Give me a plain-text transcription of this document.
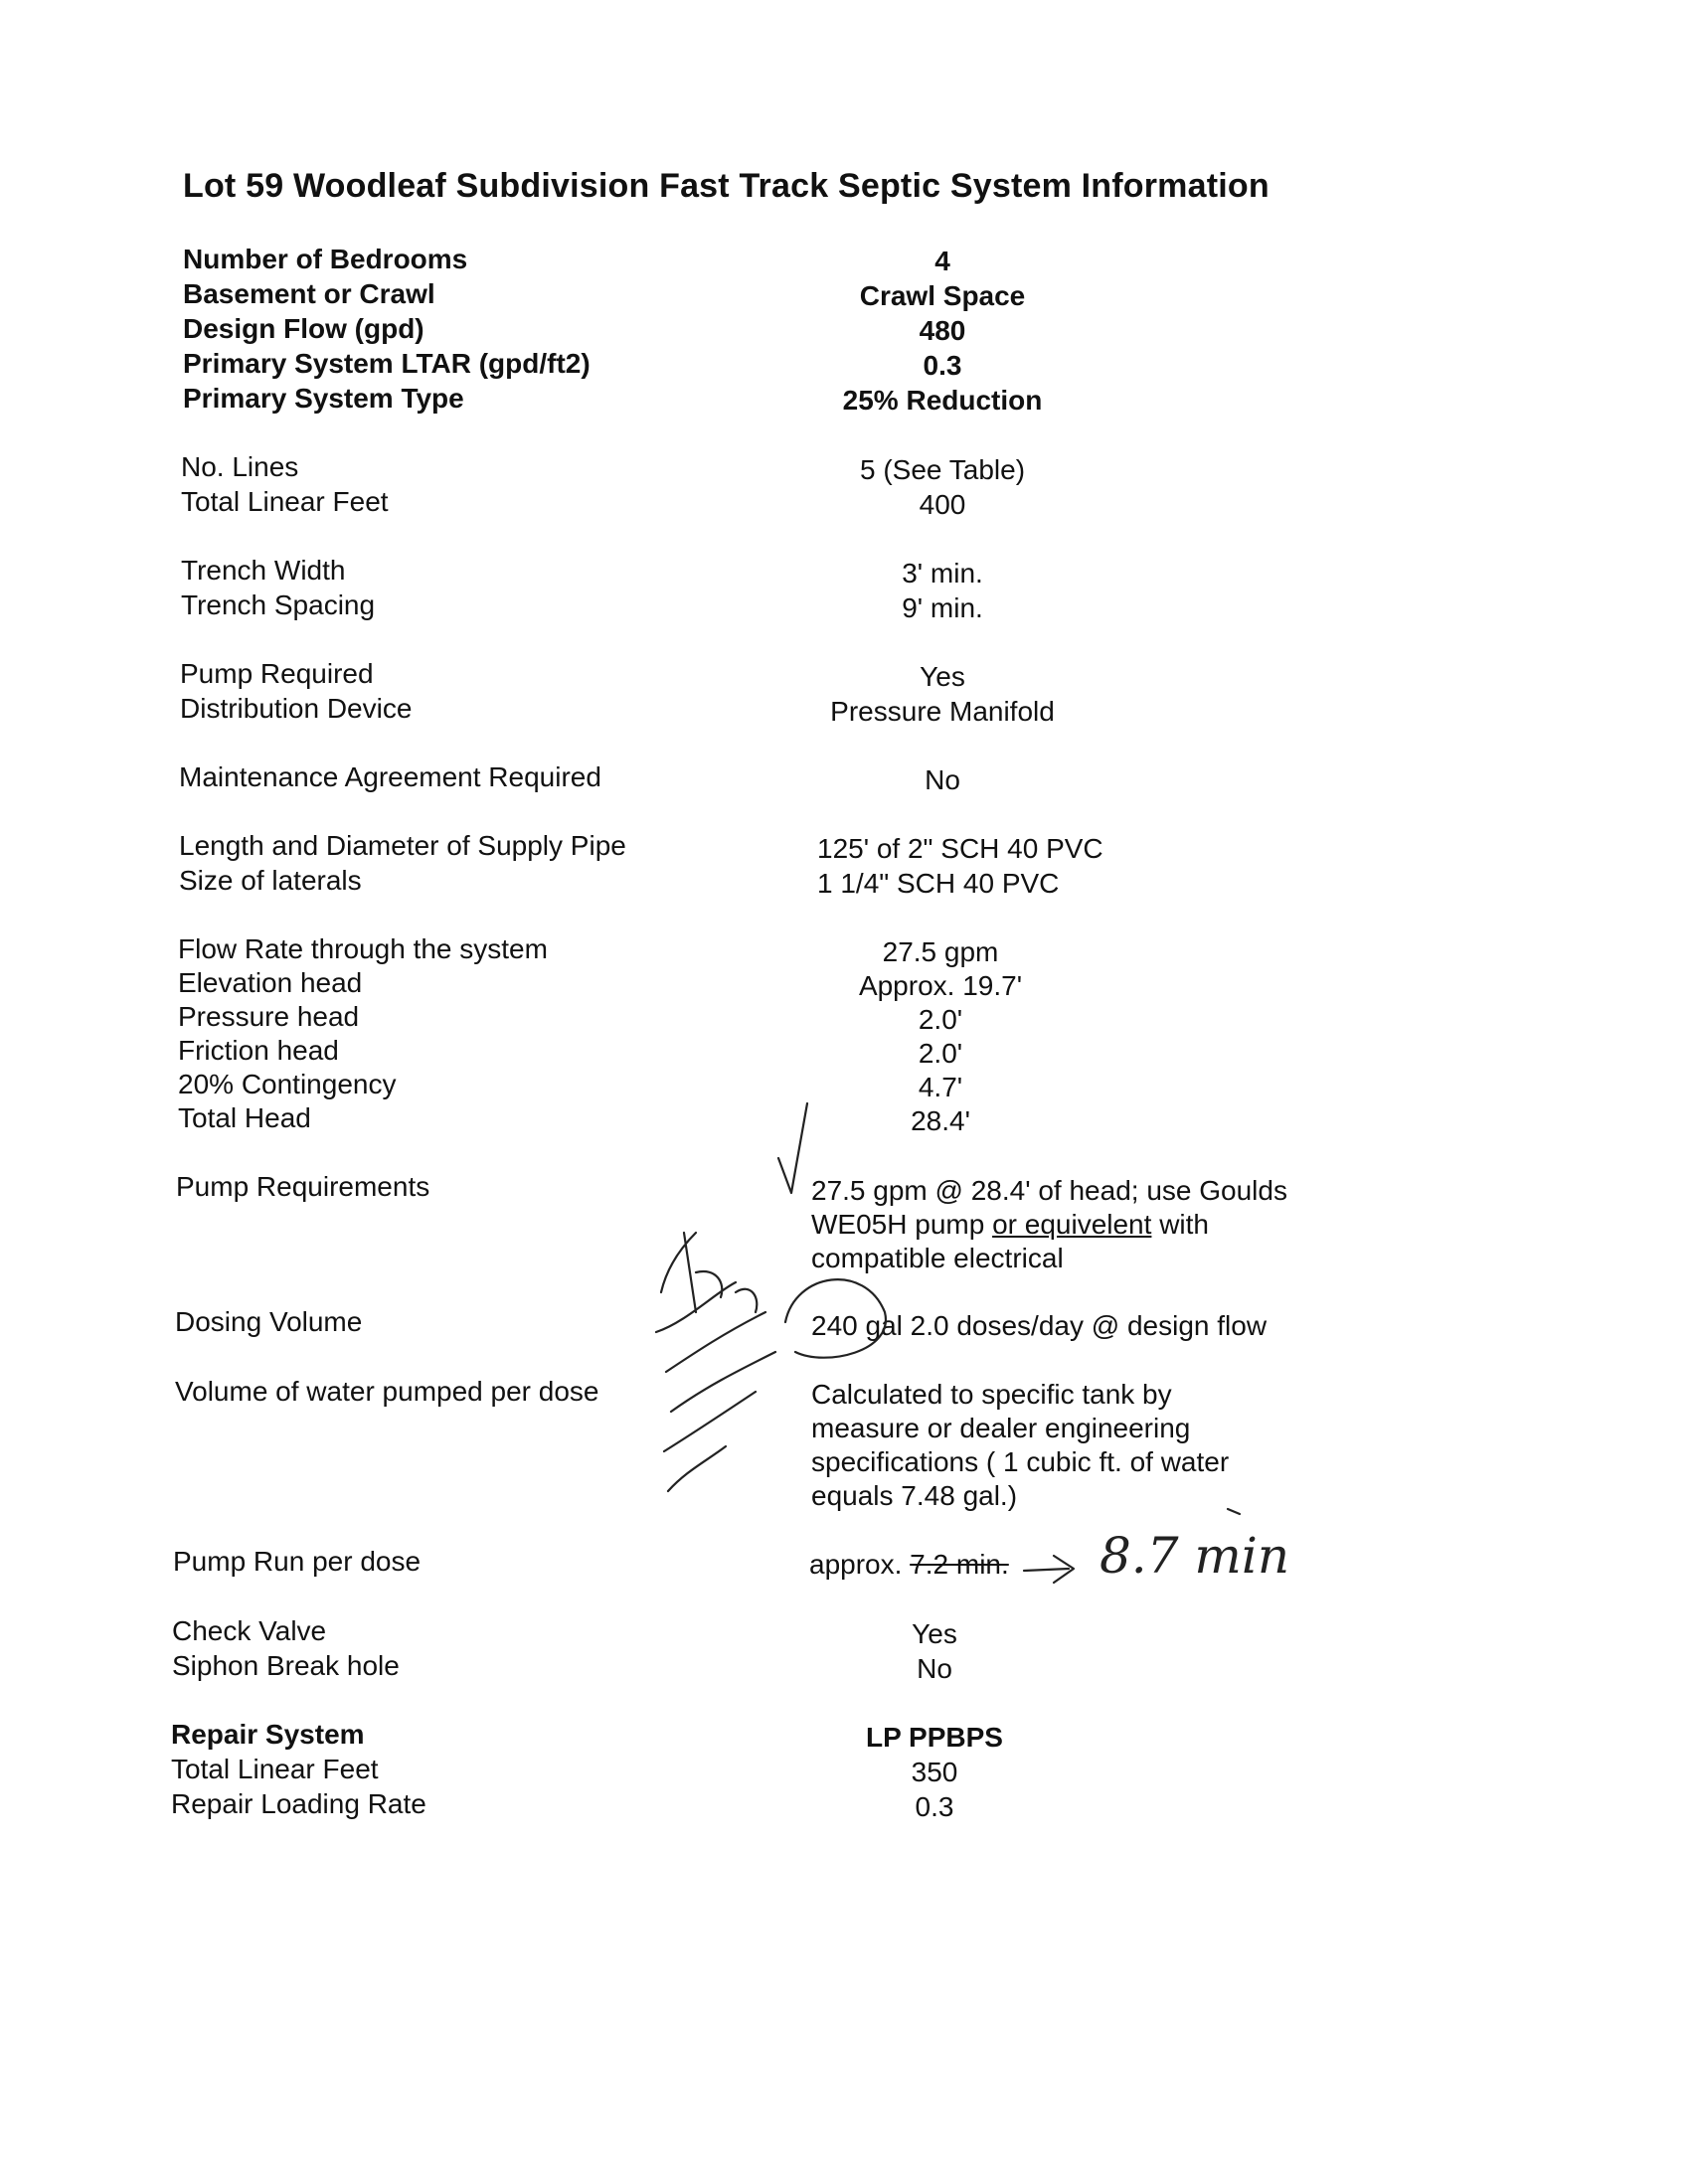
Lot 59 Woodleaf Subdivision Fast Track Septic System Information
Number of Bedrooms	4
Basement or Crawl	Crawl Space
Design Flow (gpd)	480
Primary System LTAR (gpd/ft2)	0.3
Primary System Type	25% Reduction
No. Lines	5 (See Table)
Total Linear Feet	400
Trench Width	3' min.
Trench Spacing	9' min.
Pump Required	Yes
Distribution Device	Pressure Manifold
Maintenance Agreement Required	No
Length and Diameter of Supply Pipe	125' of 2" SCH 40 PVC
Size of laterals	1 1/4" SCH 40 PVC
Flow Rate through the system	27.5 gpm
Elevation head	Approx. 19.7'
Pressure head	2.0'
Friction head	2.0'
20% Contingency	4.7'
Total Head	28.4'
Pump Requirements	27.5 gpm @ 28.4' of head; use Goulds
WE05H pump or equivelent with
compatible electrical
Dosing Volume	240 gal 2.0 doses/day @ design flow
Volume of water pumped per dose	Calculated to specific tank by
measure or dealer engineering
specifications ( 1 cubic ft. of water
equals 7.48 gal.)
Pump Run per dose	approx. 7.2 min. 8.7 min
Check Valve	Yes
Siphon Break hole	No
Repair System	LP PPBPS
Total Linear Feet	350
Repair Loading Rate	0.3
